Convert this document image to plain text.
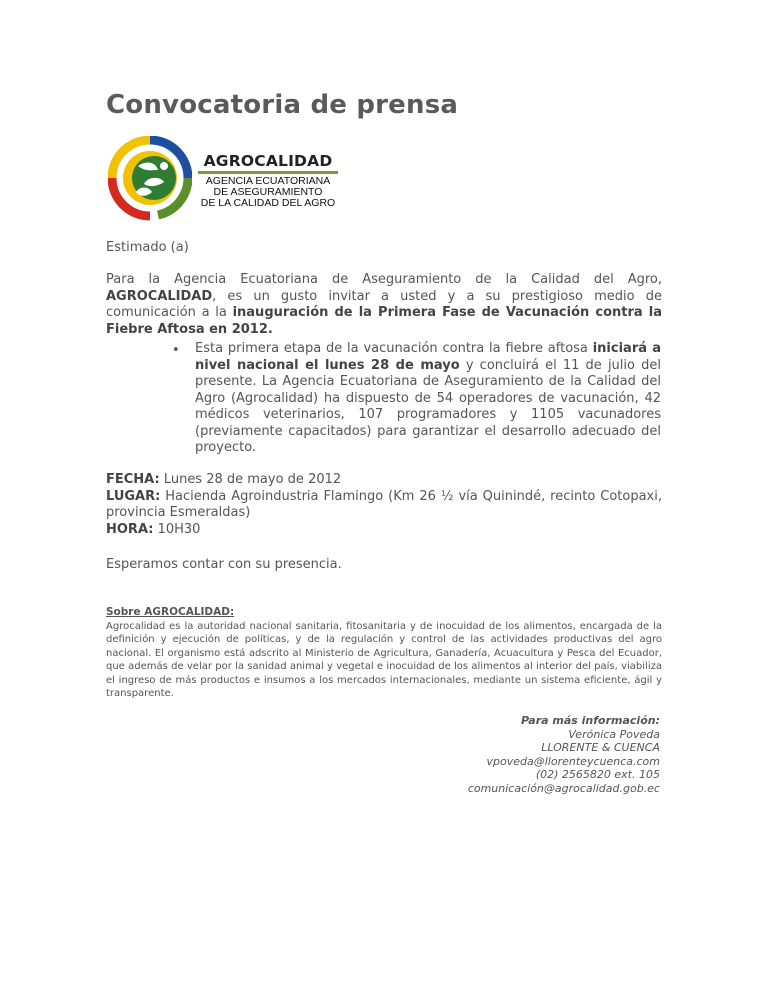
Convocatoria de prensa
AGROCALIDAD
AGENCIA ECUATORIANA
DE ASEGURAMIENTO
DE LA CALIDAD DEL AGRO
Estimado (a)
Para la Agencia Ecuatoriana de Aseguramiento de la Calidad del Agro, AGROCALIDAD, es un gusto invitar a usted y a su prestigioso medio de comunicación a la inauguración de la Primera Fase de Vacunación contra la Fiebre Aftosa en 2012.
• Esta primera etapa de la vacunación contra la fiebre aftosa iniciará a nivel nacional el lunes 28 de mayo y concluirá el 11 de julio del presente. La Agencia Ecuatoriana de Aseguramiento de la Calidad del Agro (Agrocalidad) ha dispuesto de 54 operadores de vacunación, 42 médicos veterinarios, 107 programadores y 1105 vacunadores (previamente capacitados) para garantizar el desarrollo adecuado del proyecto.
FECHA: Lunes 28 de mayo de 2012
LUGAR: Hacienda Agroindustria Flamingo (Km 26 ½ vía Quinindé, recinto Cotopaxi, provincia Esmeraldas)
HORA: 10H30
Esperamos contar con su presencia.
Sobre AGROCALIDAD:
Agrocalidad es la autoridad nacional sanitaria, fitosanitaria y de inocuidad de los alimentos, encargada de la definición y ejecución de políticas, y de la regulación y control de las actividades productivas del agro nacional. El organismo está adscrito al Ministerio de Agricultura, Ganadería, Acuacultura y Pesca del Ecuador, que además de velar por la sanidad animal y vegetal e inocuidad de los alimentos al interior del país, viabiliza el ingreso de más productos e insumos a los mercados internacionales, mediante un sistema eficiente, ágil y transparente.
Para más información:
Verónica Poveda
LLORENTE & CUENCA
vpoveda@llorenteycuenca.com
(02) 2565820 ext. 105
comunicación@agrocalidad.gob.ec
